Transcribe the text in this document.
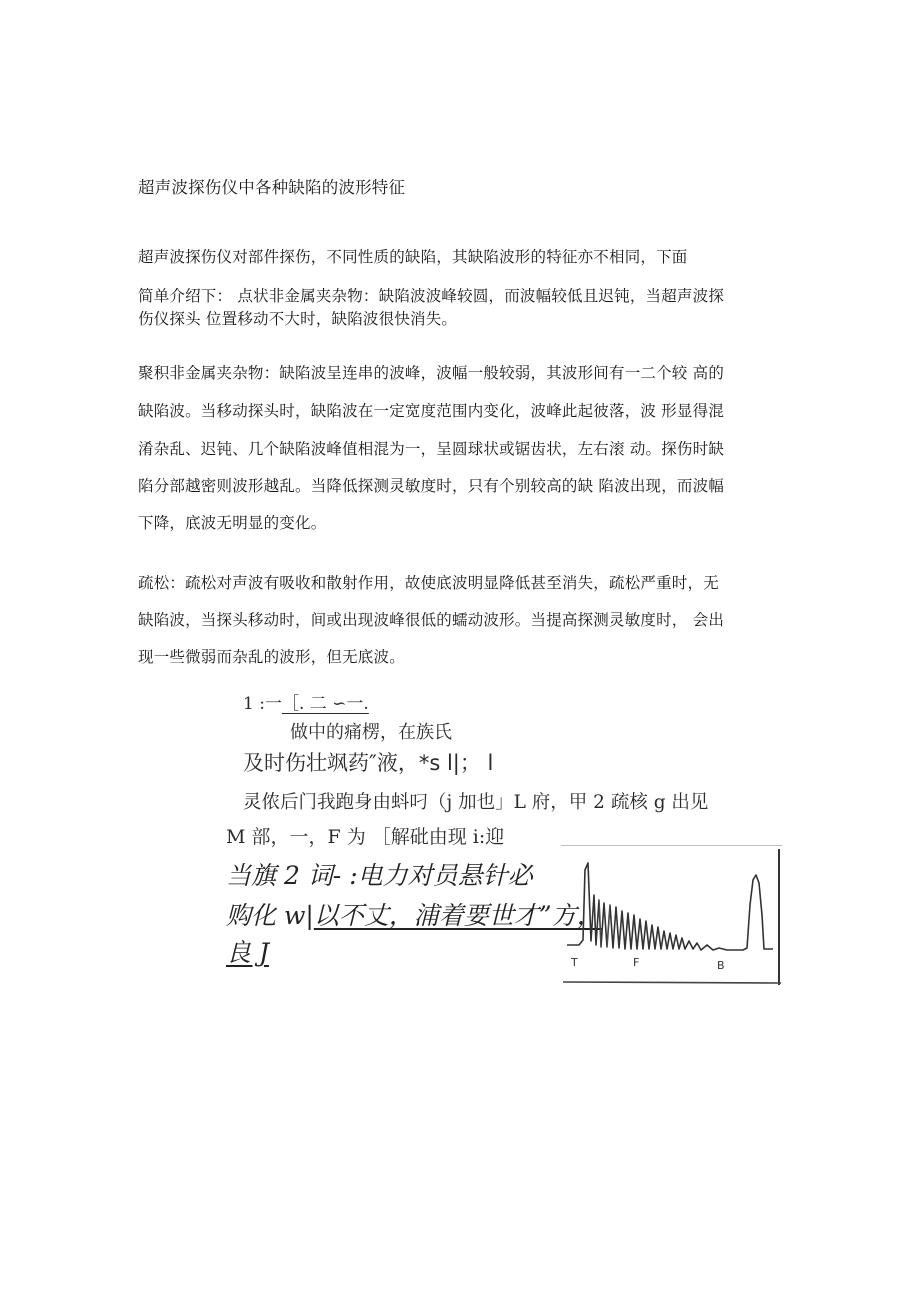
超声波探伤仪中各种缺陷的波形特征
超声波探伤仪对部件探伤，不同性质的缺陷，其缺陷波形的特征亦不相同，下面
简单介绍下： 点状非金属夹杂物：缺陷波波峰较圆，而波幅较低且迟钝，当超声波探
伤仪探头 位置移动不大时，缺陷波很快消失。
聚积非金属夹杂物：缺陷波呈连串的波峰，波幅一般较弱，其波形间有一二个较 高的
缺陷波。当移动探头时，缺陷波在一定宽度范围内变化，波峰此起彼落，波 形显得混
淆杂乱、迟钝、几个缺陷波峰值相混为一，呈圆球状或锯齿状，左右滚 动。探伤时缺
陷分部越密则波形越乱。当降低探测灵敏度时，只有个别较高的缺 陷波出现，而波幅
下降，底波无明显的变化。
疏松：疏松对声波有吸收和散射作用，故使底波明显降低甚至消失，疏松严重时，无
缺陷波，当探头移动时，间或出现波峰很低的蠕动波形。当提高探测灵敏度时， 会出
现一些微弱而杂乱的波形，但无底波。
1 :一［. 二 ∽一.
做中的痛楞，在族氏
及时伤壮飒药″液，*s l|； l
灵侬后门我跑身由蚪叼（j 加也」L 府，甲 2 疏核 g 出见
M 部，一，F 为 ［解砒由现 i:迎
当旗 2 词- :电力对员悬针必
购化 w|以不丈，浦着要世才”方，
良 J	T	F	B
